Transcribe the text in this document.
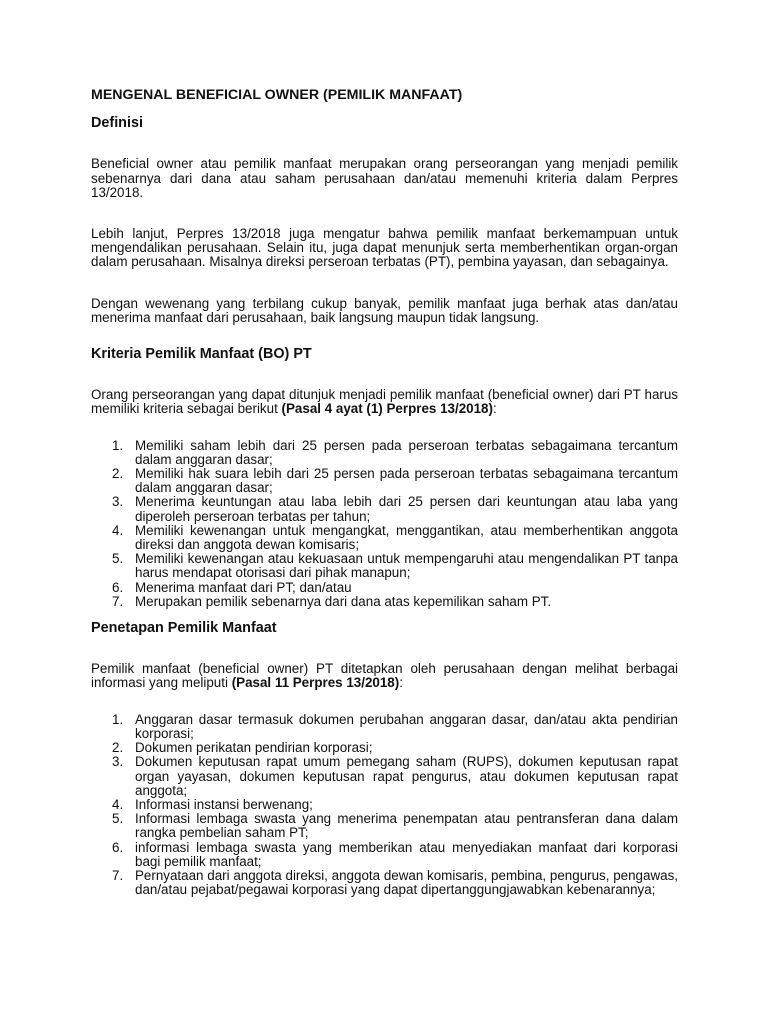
MENGENAL BENEFICIAL OWNER (PEMILIK MANFAAT)
Definisi

Beneficial owner atau pemilik manfaat merupakan orang perseorangan yang menjadi pemilik sebenarnya dari dana atau saham perusahaan dan/atau memenuhi kriteria dalam Perpres 13/2018.

Lebih lanjut, Perpres 13/2018 juga mengatur bahwa pemilik manfaat berkemampuan untuk mengendalikan perusahaan. Selain itu, juga dapat menunjuk serta memberhentikan organ-organ dalam perusahaan. Misalnya direksi perseroan terbatas (PT), pembina yayasan, dan sebagainya.

Dengan wewenang yang terbilang cukup banyak, pemilik manfaat juga berhak atas dan/atau menerima manfaat dari perusahaan, baik langsung maupun tidak langsung.

Kriteria Pemilik Manfaat (BO) PT

Orang perseorangan yang dapat ditunjuk menjadi pemilik manfaat (beneficial owner) dari PT harus memiliki kriteria sebagai berikut (Pasal 4 ayat (1) Perpres 13/2018):

1. Memiliki saham lebih dari 25 persen pada perseroan terbatas sebagaimana tercantum dalam anggaran dasar;
2. Memiliki hak suara lebih dari 25 persen pada perseroan terbatas sebagaimana tercantum dalam anggaran dasar;
3. Menerima keuntungan atau laba lebih dari 25 persen dari keuntungan atau laba yang diperoleh perseroan terbatas per tahun;
4. Memiliki kewenangan untuk mengangkat, menggantikan, atau memberhentikan anggota direksi dan anggota dewan komisaris;
5. Memiliki kewenangan atau kekuasaan untuk mempengaruhi atau mengendalikan PT tanpa harus mendapat otorisasi dari pihak manapun;
6. Menerima manfaat dari PT; dan/atau
7. Merupakan pemilik sebenarnya dari dana atas kepemilikan saham PT.
Penetapan Pemilik Manfaat

Pemilik manfaat (beneficial owner) PT ditetapkan oleh perusahaan dengan melihat berbagai informasi yang meliputi (Pasal 11 Perpres 13/2018):

1. Anggaran dasar termasuk dokumen perubahan anggaran dasar, dan/atau akta pendirian korporasi;
2. Dokumen perikatan pendirian korporasi;
3. Dokumen keputusan rapat umum pemegang saham (RUPS), dokumen keputusan rapat organ yayasan, dokumen keputusan rapat pengurus, atau dokumen keputusan rapat anggota;
4. Informasi instansi berwenang;
5. Informasi lembaga swasta yang menerima penempatan atau pentransferan dana dalam rangka pembelian saham PT;
6. informasi lembaga swasta yang memberikan atau menyediakan manfaat dari korporasi bagi pemilik manfaat;
7. Pernyataan dari anggota direksi, anggota dewan komisaris, pembina, pengurus, pengawas, dan/atau pejabat/pegawai korporasi yang dapat dipertanggungjawabkan kebenarannya;
